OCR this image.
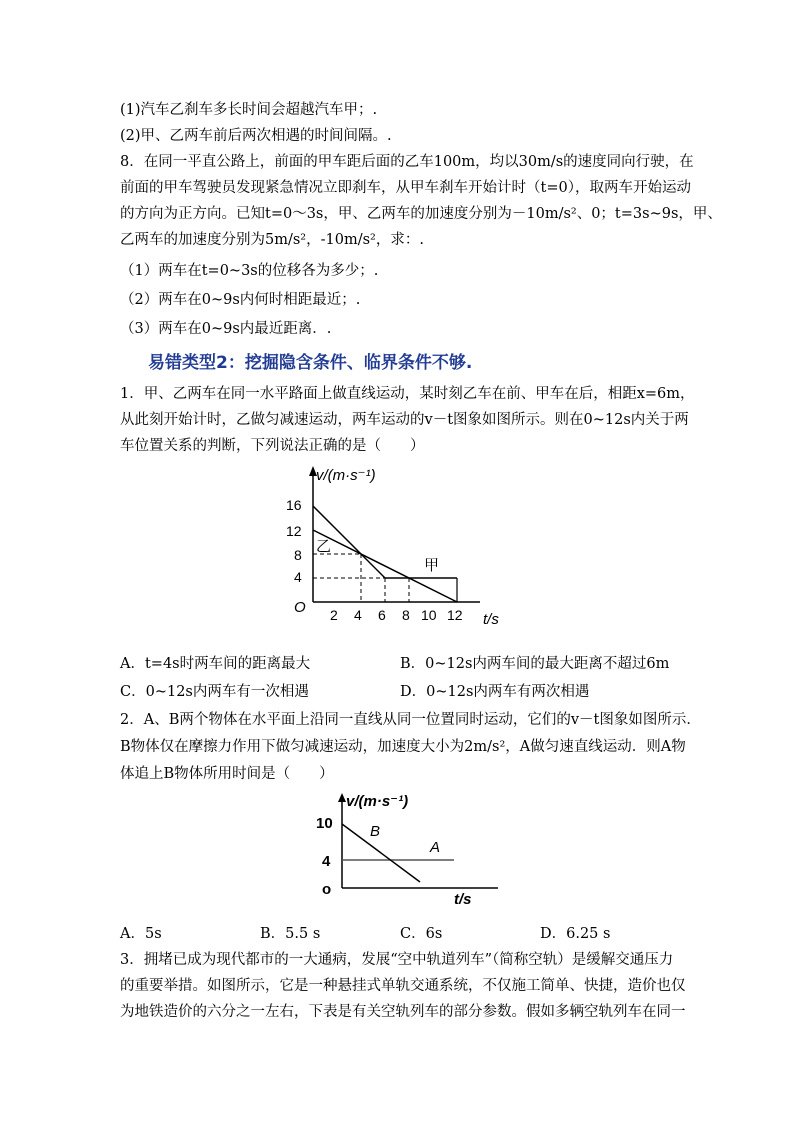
(1)汽车乙刹车多长时间会超越汽车甲；.
(2)甲、乙两车前后两次相遇的时间间隔。.
8．在同一平直公路上，前面的甲车距后面的乙车100m，均以30m/s的速度同向行驶，在
前面的甲车驾驶员发现紧急情况立即刹车，从甲车刹车开始计时（t=0），取两车开始运动
的方向为正方向。已知t=0～3s，甲、乙两车的加速度分别为－10m/s²、0；t=3s~9s，甲、
乙两车的加速度分别为5m/s²，-10m/s²，求：.
（1）两车在t=0~3s的位移各为多少；.
（2）两车在0~9s内何时相距最近；.
（3）两车在0~9s内最近距离．.
易错类型2：挖掘隐含条件、临界条件不够.
1．甲、乙两车在同一水平路面上做直线运动，某时刻乙车在前、甲车在后，相距x=6m，
从此刻开始计时，乙做匀减速运动，两车运动的v－t图象如图所示。则在0~12s内关于两
车位置关系的判断，下列说法正确的是（　　）
v/(m·s⁻¹)
16
12
8
4
O 2 4 6 8 10 12 t/s
乙
甲
A．t=4s时两车间的距离最大	B．0~12s内两车间的最大距离不超过6m
C．0~12s内两车有一次相遇	D．0~12s内两车有两次相遇
2．A、B两个物体在水平面上沿同一直线从同一位置同时运动，它们的v－t图象如图所示．
B物体仅在摩擦力作用下做匀减速运动，加速度大小为2m/s²，A做匀速直线运动．则A物
体追上B物体所用时间是（　　）
v/(m·s⁻¹)
10
4
o
t/s
B
A
A．5s	B．5.5 s	C．6s	D．6.25 s
3．拥堵已成为现代都市的一大通病，发展“空中轨道列车”（简称空轨）是缓解交通压力
的重要举措。如图所示，它是一种悬挂式单轨交通系统，不仅施工简单、快捷，造价也仅
为地铁造价的六分之一左右，下表是有关空轨列车的部分参数。假如多辆空轨列车在同一
